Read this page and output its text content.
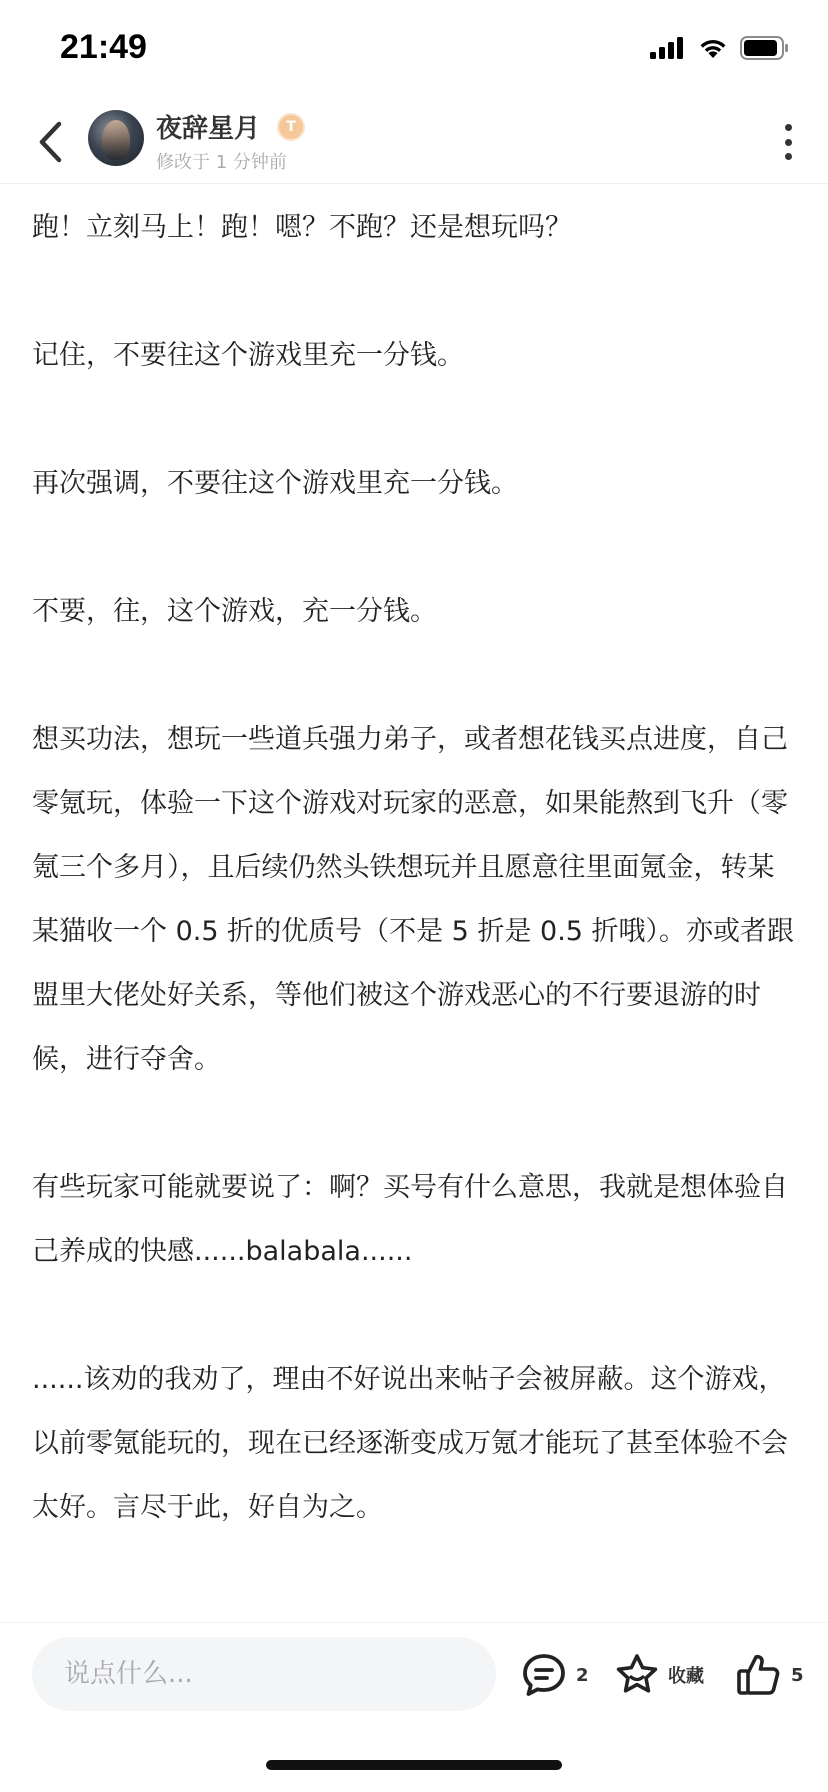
21:49
夜辞星月	T
修改于 1 分钟前

跑！立刻马上！跑！嗯？不跑？还是想玩吗？

记住，不要往这个游戏里充一分钱。

再次强调，不要往这个游戏里充一分钱。

不要，往，这个游戏，充一分钱。

想买功法，想玩一些道兵强力弟子，或者想花钱买点进度，自己零氪玩，体验一下这个游戏对玩家的恶意，如果能熬到飞升（零氪三个多月），且后续仍然头铁想玩并且愿意往里面氪金，转某某猫收一个 0.5 折的优质号（不是 5 折是 0.5 折哦）。亦或者跟盟里大佬处好关系，等他们被这个游戏恶心的不行要退游的时候，进行夺舍。

有些玩家可能就要说了：啊？买号有什么意思，我就是想体验自己养成的快感......balabala......

......该劝的我劝了，理由不好说出来帖子会被屏蔽。这个游戏，以前零氪能玩的，现在已经逐渐变成万氪才能玩了甚至体验不会太好。言尽于此，好自为之。

说点什么...
2	收藏	5
